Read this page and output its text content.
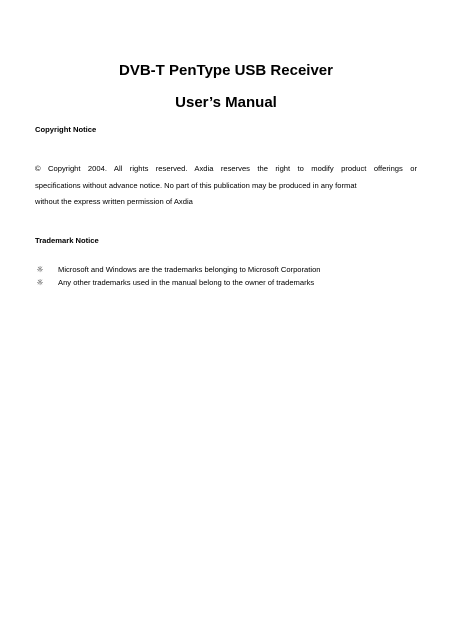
DVB-T PenType USB Receiver
User’s Manual
Copyright Notice
© Copyright 2004. All rights reserved. Axdia reserves the right to modify product offerings or
specifications without advance notice. No part of this publication may be produced in any format
without the express written permission of Axdia
Trademark Notice
☼ Microsoft and Windows are the trademarks belonging to Microsoft Corporation
☼ Any other trademarks used in the manual belong to the owner of trademarks
